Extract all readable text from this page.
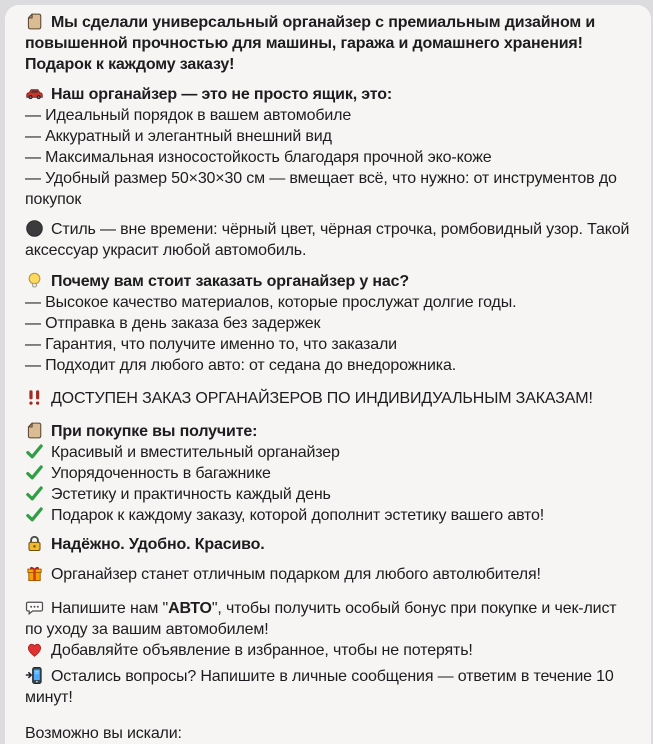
Мы сделали универсальный органайзер с премиальным дизайном и повышенной прочностью для машины, гаража и домашнего хранения! Подарок к каждому заказу!

Наш органайзер — это не просто ящик, это:

— Идеальный порядок в вашем автомобиле
— Аккуратный и элегантный внешний вид
— Максимальная износостойкость благодаря прочной эко-коже
— Удобный размер 50×30×30 см — вмещает всё, что нужно: от инструментов до покупок

Стиль — вне времени: чёрный цвет, чёрная строчка, ромбовидный узор. Такой аксессуар украсит любой автомобиль.

Почему вам стоит заказать органайзер у нас?

— Высокое качество материалов, которые прослужат долгие годы.
— Отправка в день заказа без задержек
— Гарантия, что получите именно то, что заказали
— Подходит для любого авто: от седана до внедорожника.

ДОСТУПЕН ЗАКАЗ ОРГАНАЙЗЕРОВ ПО ИНДИВИДУАЛЬНЫМ ЗАКАЗАМ!

При покупке вы получите:

Красивый и вместительный органайзер
Упорядоченность в багажнике
Эстетику и практичность каждый день
Подарок к каждому заказу, которой дополнит эстетику вашего авто!

Надёжно. Удобно. Красиво.

Органайзер станет отличным подарком для любого автолюбителя!

Напишите нам "АВТО", чтобы получить особый бонус при покупке и чек-лист по уходу за вашим автомобилем!

Добавляйте объявление в избранное, чтобы не потерять!

Остались вопросы? Напишите в личные сообщения — ответим в течение 10 минут!

Возможно вы искали:
